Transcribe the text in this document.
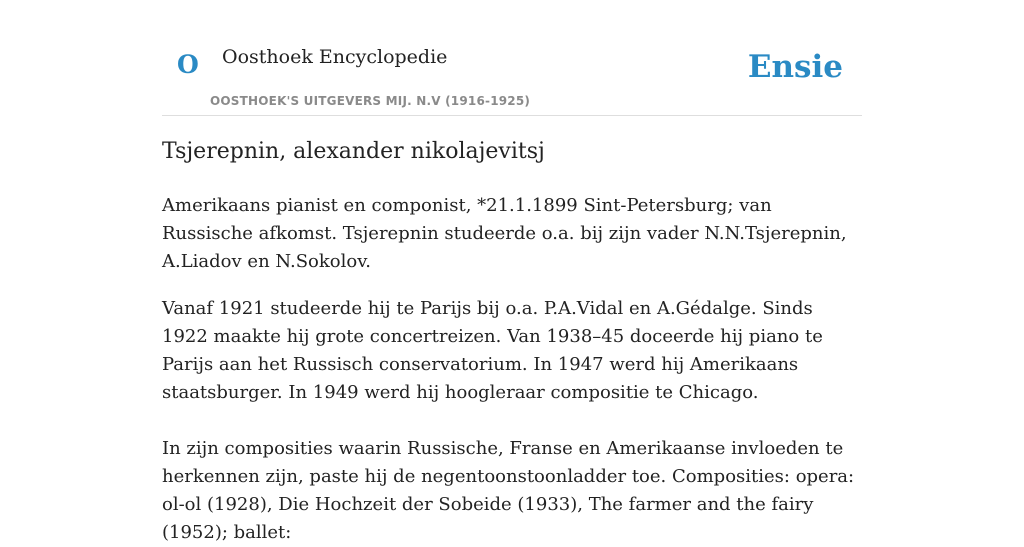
O Oosthoek Encyclopedie
OOSTHOEK'S UITGEVERS MIJ. N.V (1916-1925)
Ensie
Tsjerepnin, alexander nikolajevitsj

Amerikaans pianist en componist, *21.1.1899 Sint-Petersburg; van Russische afkomst. Tsjerepnin studeerde o.a. bij zijn vader N.N.Tsjerepnin, A.Liadov en N.Sokolov.

Vanaf 1921 studeerde hij te Parijs bij o.a. P.A.Vidal en A.Gédalge. Sinds 1922 maakte hij grote concertreizen. Van 1938–45 doceerde hij piano te Parijs aan het Russisch conservatorium. In 1947 werd hij Amerikaans staatsburger. In 1949 werd hij hoogleraar compositie te Chicago.

In zijn composities waarin Russische, Franse en Amerikaanse invloeden te herkennen zijn, paste hij de negentoonstoonladder toe. Composities: opera: ol-ol (1928), Die Hochzeit der Sobeide (1933), The farmer and the fairy (1952); ballet:
